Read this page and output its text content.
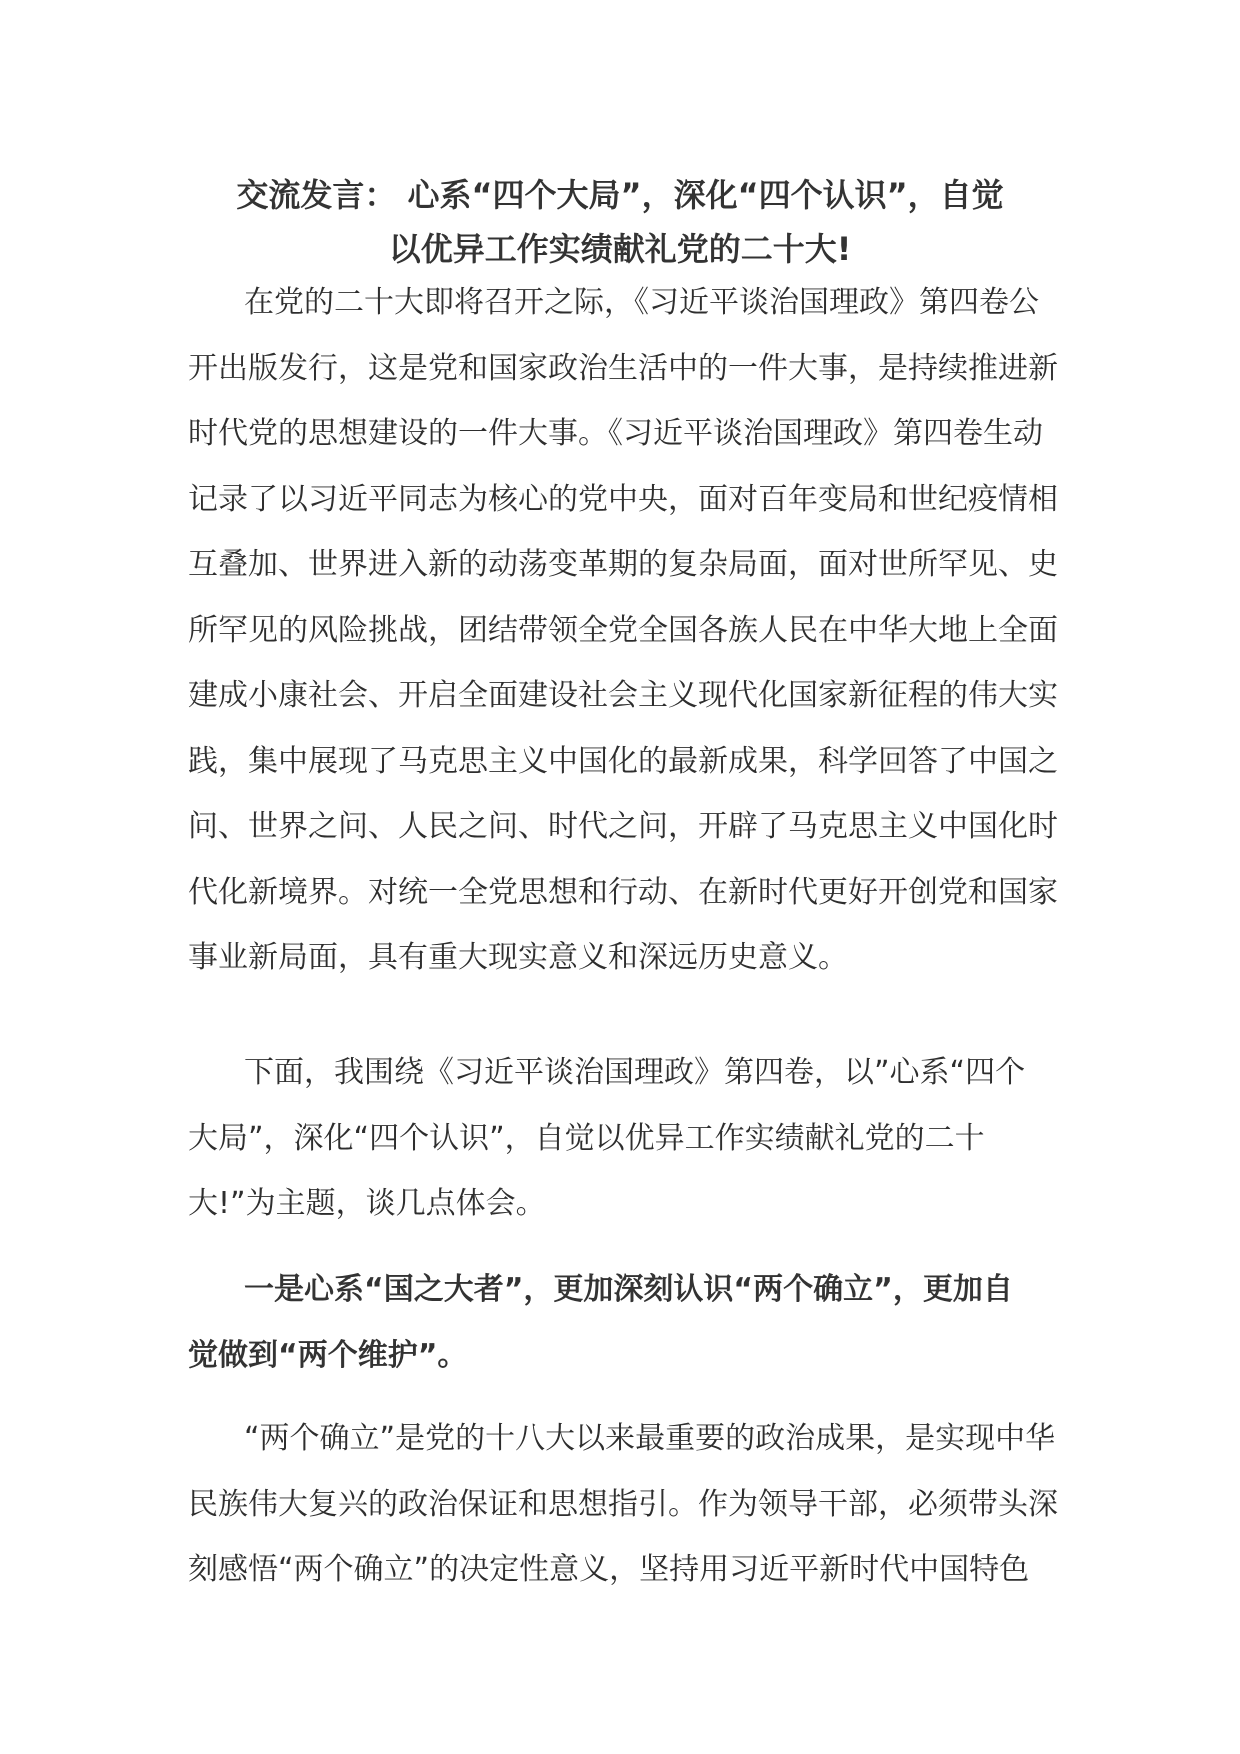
交流发言： 心系“四个大局”，深化“四个认识”，自觉
以优异工作实绩献礼党的二十大!

在党的二十大即将召开之际，《习近平谈治国理政》第四卷公
开出版发行，这是党和国家政治生活中的一件大事，是持续推进新
时代党的思想建设的一件大事。《习近平谈治国理政》第四卷生动
记录了以习近平同志为核心的党中央，面对百年变局和世纪疫情相
互叠加、世界进入新的动荡变革期的复杂局面，面对世所罕见、史
所罕见的风险挑战，团结带领全党全国各族人民在中华大地上全面
建成小康社会、开启全面建设社会主义现代化国家新征程的伟大实
践，集中展现了马克思主义中国化的最新成果，科学回答了中国之
问、世界之问、人民之问、时代之问，开辟了马克思主义中国化时
代化新境界。对统一全党思想和行动、在新时代更好开创党和国家
事业新局面，具有重大现实意义和深远历史意义。

下面，我围绕《习近平谈治国理政》第四卷，以”心系“四个
大局”，深化“四个认识”，自觉以优异工作实绩献礼党的二十
大!”为主题，谈几点体会。

一是心系“国之大者”，更加深刻认识“两个确立”，更加自
觉做到“两个维护”。

“两个确立”是党的十八大以来最重要的政治成果，是实现中华
民族伟大复兴的政治保证和思想指引。作为领导干部，必须带头深
刻感悟“两个确立”的决定性意义，坚持用习近平新时代中国特色
